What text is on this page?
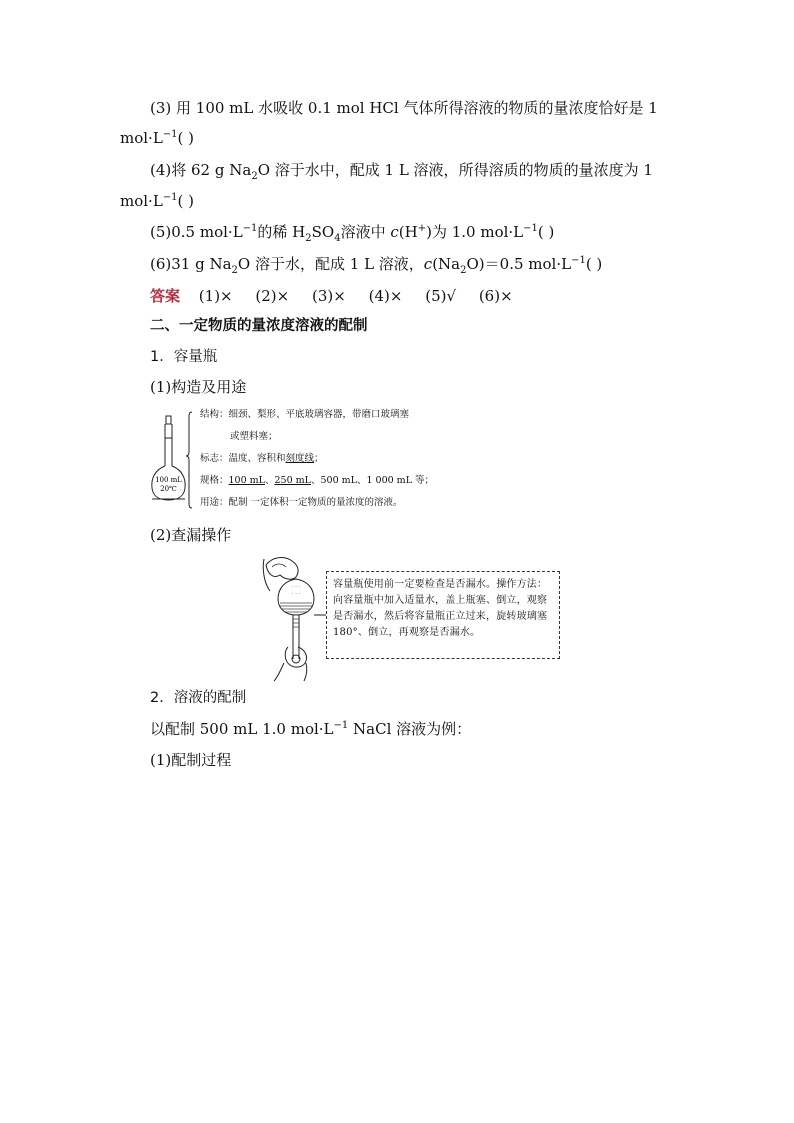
(3) 用 100 mL 水吸收 0.1 mol HCl 气体所得溶液的物质的量浓度恰好是 1
$mol\cdot L^{-1}$( )
(4)将 62 g $Na_2O$ 溶于水中，配成 1 L 溶液，所得溶质的物质的量浓度为 1
$mol\cdot L^{-1}$( )
(5)0.5 $mol\cdot L^{-1}$的稀 $H_2SO_4$溶液中 c(H+)为 1.0 $mol\cdot L^{-1}$( )
(6)31 g $Na_2O$ 溶于水，配成 1 L 溶液，$c(Na_2O)=0.5$ $mol\cdot L^{-1}$( )
答案 (1)× (2)× (3)× (4)× (5)√ (6)×
二、一定物质的量浓度溶液的配制
1．容量瓶
(1)构造及用途
100 mL
20℃
结构：细颈、梨形、平底玻璃容器，带磨口玻璃塞
或塑料塞；
标志：温度、容积和刻度线；
规格：100 mL、250 mL、500 mL、1 000 mL 等；
用途：配制 一定体积一定物质的量浓度的溶液。
(2)查漏操作
· · ·
· · ·
容量瓶使用前一定要检查是否漏水。操作方法：向容量瓶中加入适量水，盖上瓶塞、倒立，观察是否漏水，然后将容量瓶正立过来，旋转玻璃塞180°、倒立，再观察是否漏水。
2．溶液的配制
以配制 500 mL 1.0 $mol\cdot L^{-1}$ NaCl 溶液为例：
(1)配制过程
